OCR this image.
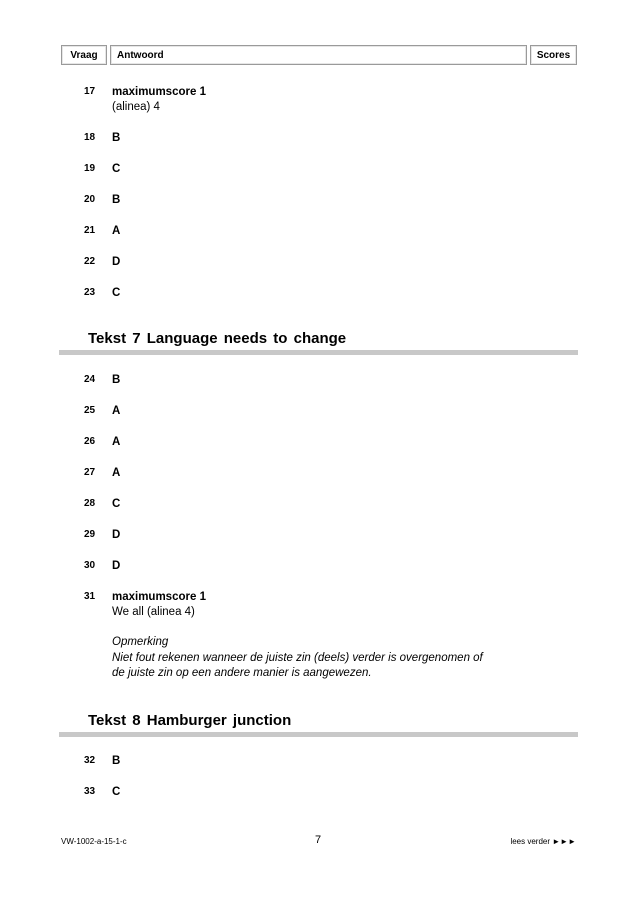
Vraag	Antwoord	Scores
17 maximumscore 1
(alinea) 4
18 B
19 C
20 B
21 A
22 D
23 C
Tekst 7 Language needs to change
24 B
25 A
26 A
27 A
28 C
29 D
30 D
31 maximumscore 1
We all (alinea 4)
Opmerking
Niet fout rekenen wanneer de juiste zin (deels) verder is overgenomen of
de juiste zin op een andere manier is aangewezen.
Tekst 8 Hamburger junction
32 B
33 C
VW-1002-a-15-1-c	7	lees verder ►►►
